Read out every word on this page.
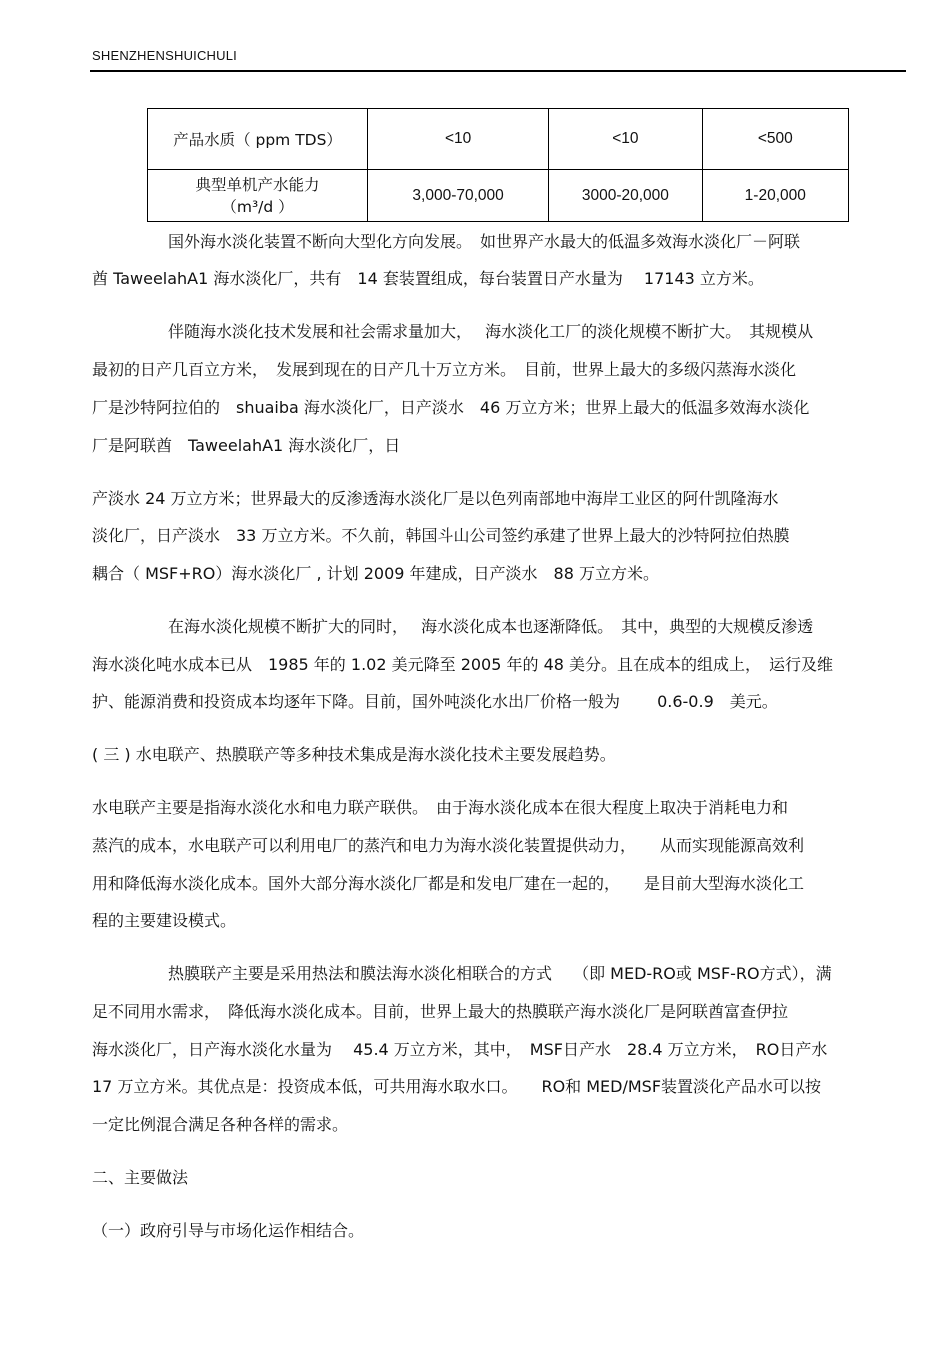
SHENZHENSHUICHULI
产品水质（ ppm TDS）	<10	<10	<500

典型单机产水能力
（m³/d ）	3,000-70,000	3000-20,000	1-20,000
国外海水淡化装置不断向大型化方向发展。　如世界产水最大的低温多效海水淡化厂－阿联
酋 TaweelahA1 海水淡化厂，共有　14 套装置组成，每台装置日产水量为　 17143 立方米。
伴随海水淡化技术发展和社会需求量加大，　 海水淡化工厂的淡化规模不断扩大。　其规模从
最初的日产几百立方米，　发展到现在的日产几十万立方米。　目前，世界上最大的多级闪蒸海水淡化
厂是沙特阿拉伯的　shuaiba 海水淡化厂，日产淡水　46 万立方米；世界上最大的低温多效海水淡化
厂是阿联酋　TaweelahA1 海水淡化厂，日
产淡水 24 万立方米；世界最大的反渗透海水淡化厂是以色列南部地中海岸工业区的阿什凯隆海水
淡化厂，日产淡水　33 万立方米。不久前，韩国斗山公司签约承建了世界上最大的沙特阿拉伯热膜
耦合（ MSF+RO）海水淡化厂 , 计划 2009 年建成，日产淡水　88 万立方米。
在海水淡化规模不断扩大的同时，　 海水淡化成本也逐渐降低。　其中，典型的大规模反渗透
海水淡化吨水成本已从　1985 年的 1.02 美元降至 2005 年的 48 美分。且在成本的组成上，　运行及维
护、能源消费和投资成本均逐年下降。目前，国外吨淡化水出厂价格一般为　　 0.6-0.9　美元。
( 三 ) 水电联产、热膜联产等多种技术集成是海水淡化技术主要发展趋势。
水电联产主要是指海水淡化水和电力联产联供。　由于海水淡化成本在很大程度上取决于消耗电力和
蒸汽的成本，水电联产可以利用电厂的蒸汽和电力为海水淡化装置提供动力，　　从而实现能源高效利
用和降低海水淡化成本。国外大部分海水淡化厂都是和发电厂建在一起的，　　是目前大型海水淡化工
程的主要建设模式。
热膜联产主要是采用热法和膜法海水淡化相联合的方式　 （即 MED-RO或 MSF-RO方式），满
足不同用水需求，　降低海水淡化成本。目前，世界上最大的热膜联产海水淡化厂是阿联酋富查伊拉
海水淡化厂，日产海水淡化水量为　 45.4 万立方米，其中，　MSF日产水　28.4 万立方米，　RO日产水
17 万立方米。其优点是：投资成本低，可共用海水取水口。　　RO和 MED/MSF装置淡化产品水可以按
一定比例混合满足各种各样的需求。
二、主要做法
（一）政府引导与市场化运作相结合。
